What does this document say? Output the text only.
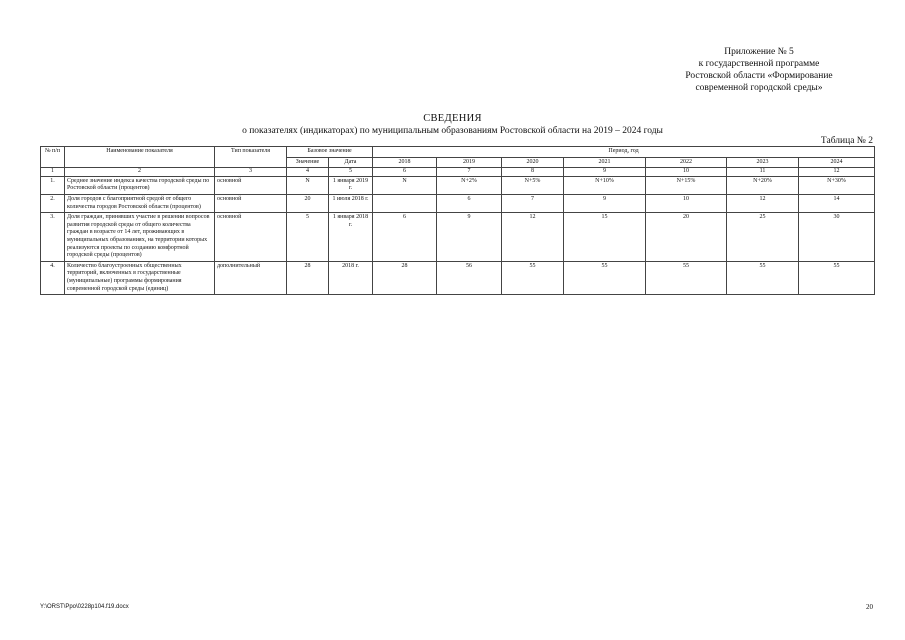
Приложение № 5
к государственной программе
Ростовской области «Формирование
современной городской среды»
СВЕДЕНИЯ
о показателях (индикаторах) по муниципальным образованиям Ростовской области на 2019 – 2024 годы
Таблица № 2
№ п/п	Наименование показателя	Тип показателя	Базовое значение		Период, год						
			Значение	Дата	2018	2019	2020	2021	2022	2023	2024
1	2	3	4	5	6	7	8	9	10	11	12
1.	Среднее значение индекса качества городской среды по Ростовской области (процентов)	основной	N	1 января 2019 г.	N	N+2%	N+5%	N+10%	N+15%	N+20%	N+30%
2.	Доля городов с благоприятной средой от общего количества городов Ростовской области (процентов)	основной	20	1 июля 2018 г.		6	7	9	10	12	14
3.	Доля граждан, принявших участие в решении вопросов развития городской среды от общего количества граждан в возрасте от 14 лет, проживающих в муниципальных образованиях, на территории которых реализуются проекты по созданию комфортной городской среды (процентов)	основной	5	1 января 2018 г.	6	9	12	15	20	25	30
4.	Количество благоустроенных общественных территорий, включенных в государственные (муниципальные) программы формирования современной городской среды (единиц)	дополнительный	28	2018 г.	28	56	55	55	55	55	55
Y:\ORST\Ppo\0228p104.f19.docx	20
